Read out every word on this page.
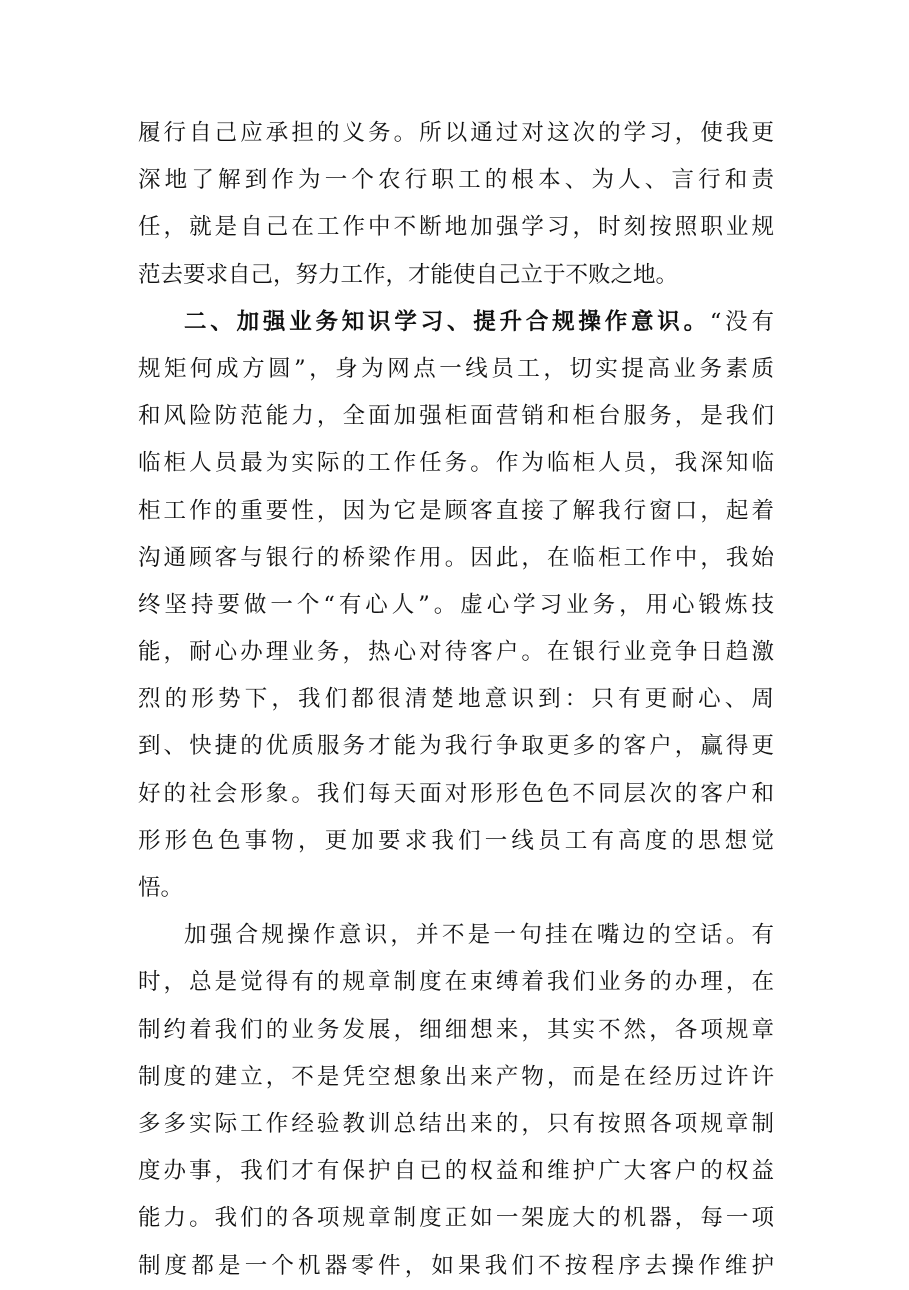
履行自己应承担的义务。所以通过对这次的学习，使我更
深地了解到作为一个农行职工的根本、为人、言行和责
任，就是自己在工作中不断地加强学习，时刻按照职业规
范去要求自己，努力工作，才能使自己立于不败之地。
二、加强业务知识学习、提升合规操作意识。“没有
规矩何成方圆”，身为网点一线员工，切实提高业务素质
和风险防范能力，全面加强柜面营销和柜台服务，是我们
临柜人员最为实际的工作任务。作为临柜人员，我深知临
柜工作的重要性，因为它是顾客直接了解我行窗口，起着
沟通顾客与银行的桥梁作用。因此，在临柜工作中，我始
终坚持要做一个“有心人”。虚心学习业务，用心锻炼技
能，耐心办理业务，热心对待客户。在银行业竞争日趋激
烈的形势下，我们都很清楚地意识到：只有更耐心、周
到、快捷的优质服务才能为我行争取更多的客户，赢得更
好的社会形象。我们每天面对形形色色不同层次的客户和
形形色色事物，更加要求我们一线员工有高度的思想觉
悟。
加强合规操作意识，并不是一句挂在嘴边的空话。有
时，总是觉得有的规章制度在束缚着我们业务的办理，在
制约着我们的业务发展，细细想来，其实不然，各项规章
制度的建立，不是凭空想象出来产物，而是在经历过许许
多多实际工作经验教训总结出来的，只有按照各项规章制
度办事，我们才有保护自已的权益和维护广大客户的权益
能力。我们的各项规章制度正如一架庞大的机器，每一项
制度都是一个机器零件，如果我们不按程序去操作维护
